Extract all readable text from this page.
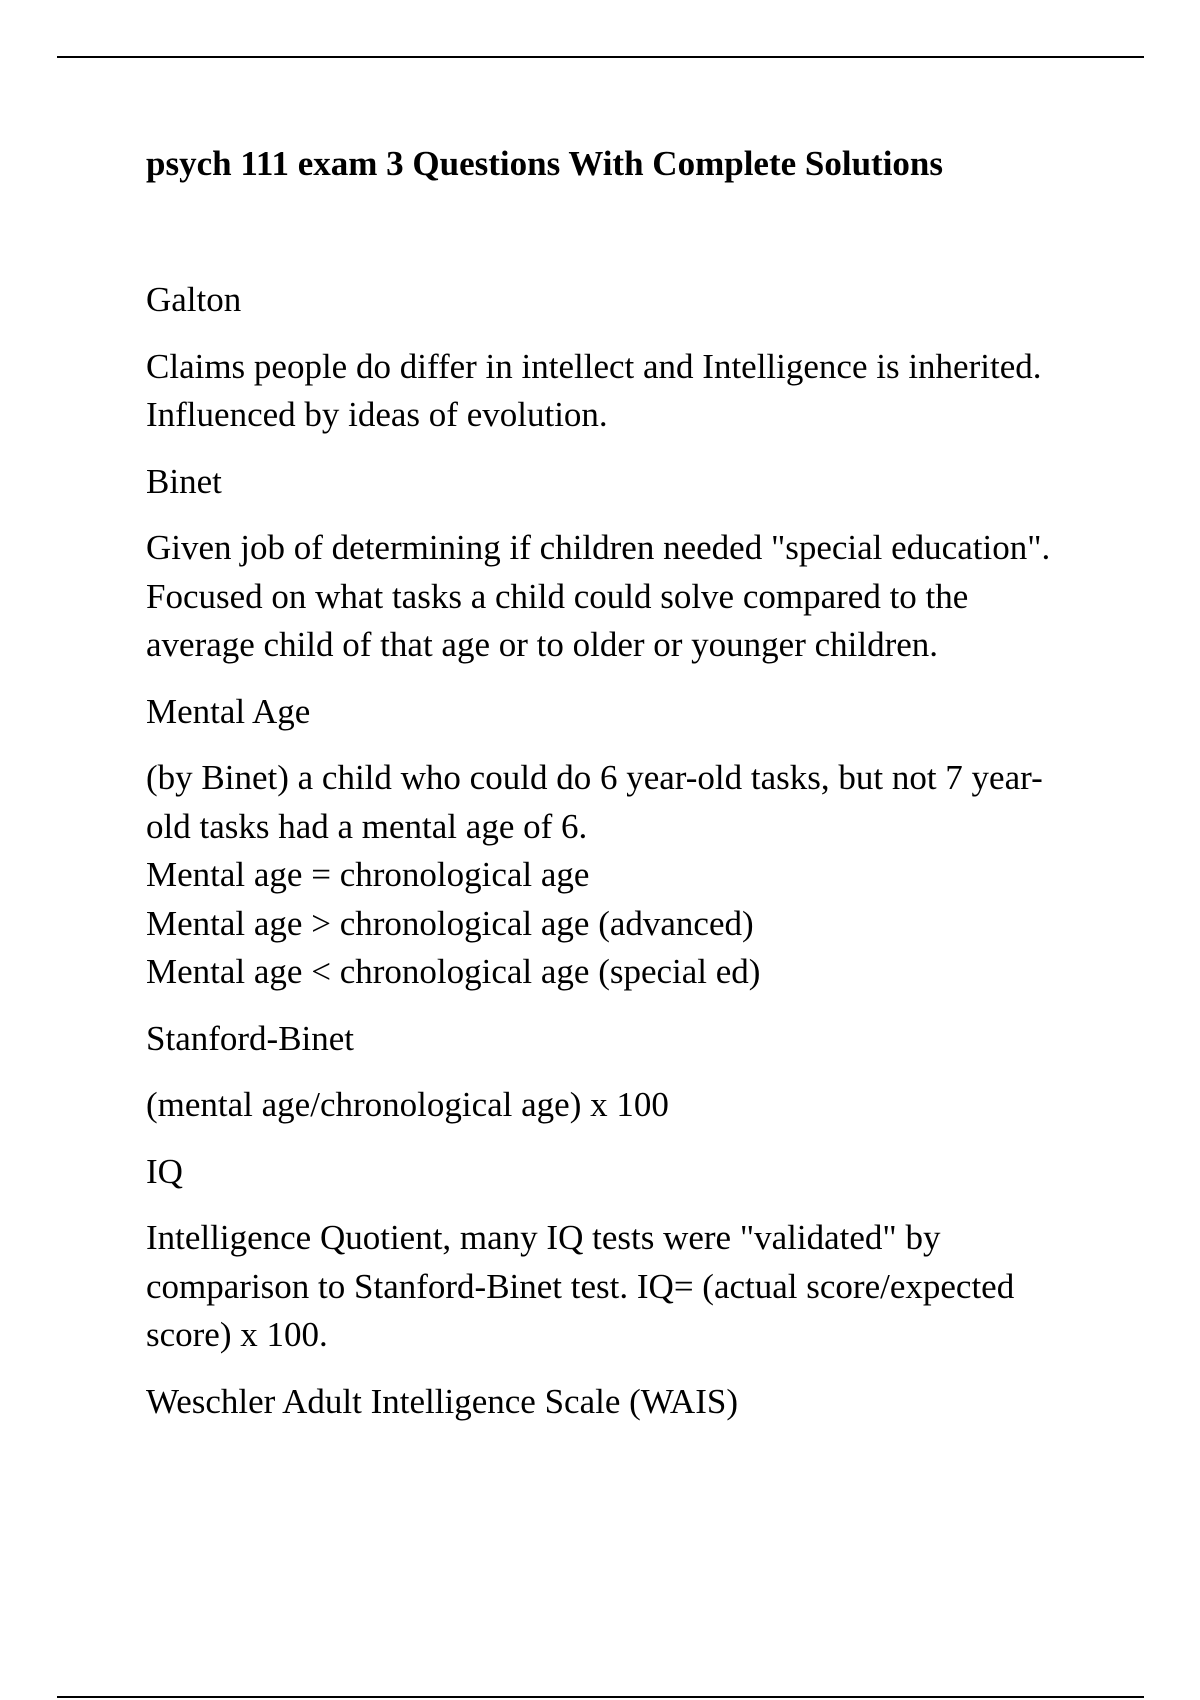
psych 111 exam 3 Questions With Complete Solutions

Galton

Claims people do differ in intellect and Intelligence is inherited.
Influenced by ideas of evolution.

Binet

Given job of determining if children needed "special education".
Focused on what tasks a child could solve compared to the
average child of that age or to older or younger children.

Mental Age

(by Binet) a child who could do 6 year-old tasks, but not 7 year-
old tasks had a mental age of 6.
Mental age = chronological age
Mental age > chronological age (advanced)
Mental age < chronological age (special ed)

Stanford-Binet

(mental age/chronological age) x 100

IQ

Intelligence Quotient, many IQ tests were "validated" by
comparison to Stanford-Binet test. IQ= (actual score/expected
score) x 100.

Weschler Adult Intelligence Scale (WAIS)
